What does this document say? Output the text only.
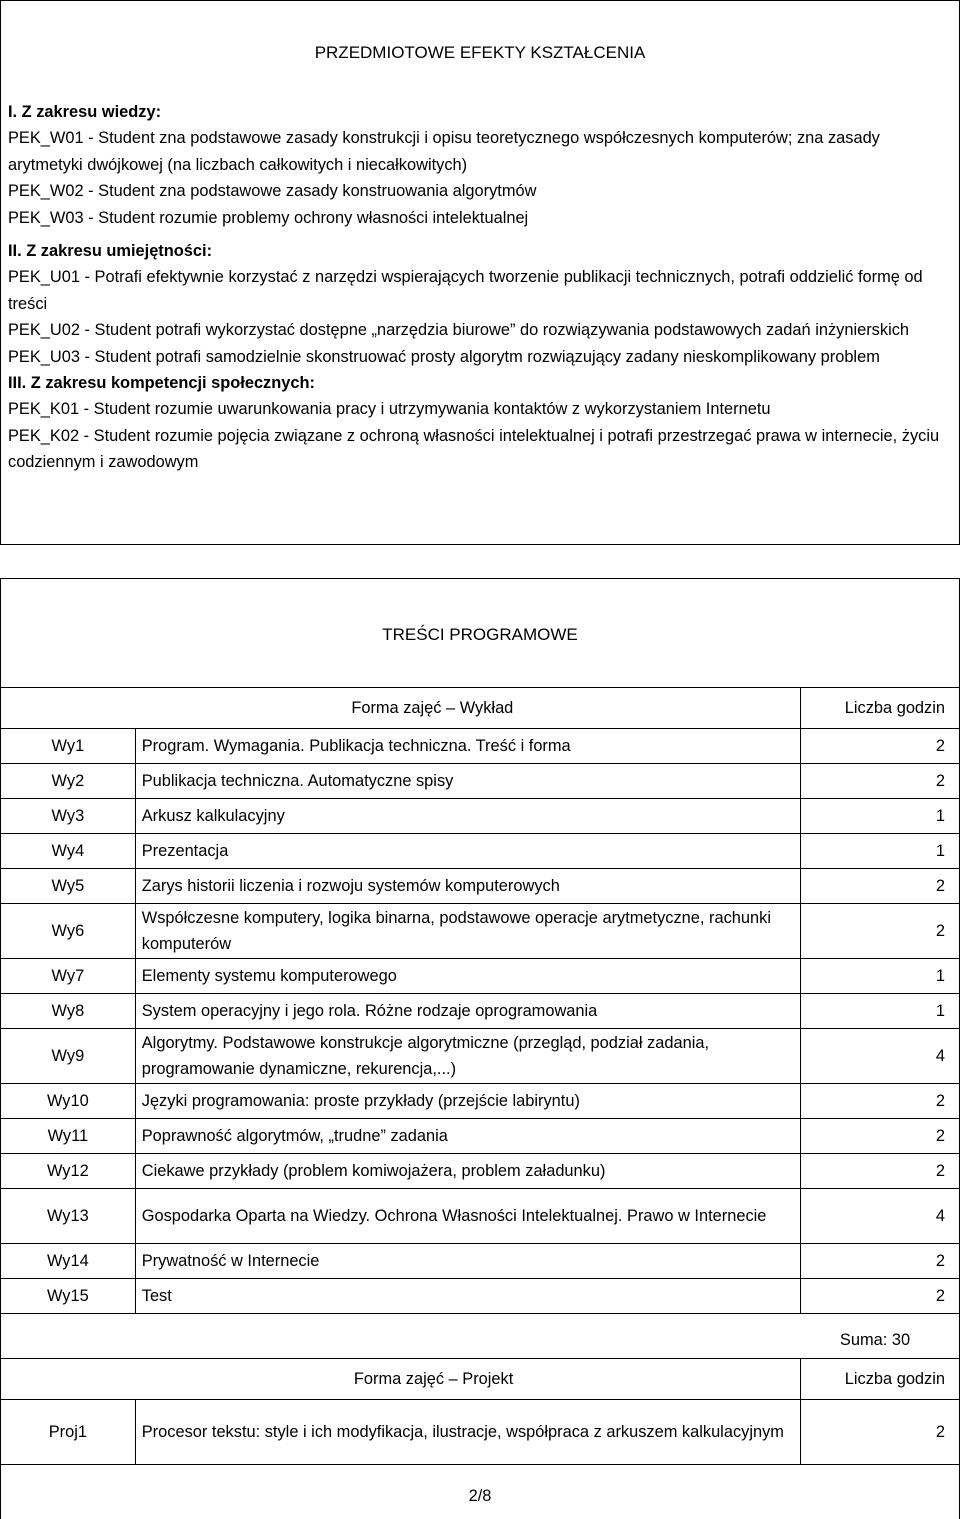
PRZEDMIOTOWE EFEKTY KSZTAŁCENIA

I. Z zakresu wiedzy:

PEK_W01 - Student zna podstawowe zasady konstrukcji i opisu teoretycznego współczesnych komputerów; zna zasady arytmetyki dwójkowej (na liczbach całkowitych i niecałkowitych)

PEK_W02 - Student zna podstawowe zasady konstruowania algorytmów

PEK_W03 - Student rozumie problemy ochrony własności intelektualnej

II. Z zakresu umiejętności:

PEK_U01 - Potrafi efektywnie korzystać z narzędzi wspierających tworzenie publikacji technicznych, potrafi oddzielić formę od treści

PEK_U02 - Student potrafi wykorzystać dostępne „narzędzia biurowe” do rozwiązywania podstawowych zadań inżynierskich

PEK_U03 - Student potrafi samodzielnie skonstruować prosty algorytm rozwiązujący zadany nieskomplikowany problem

III. Z zakresu kompetencji społecznych:

PEK_K01 - Student rozumie uwarunkowania pracy i utrzymywania kontaktów z wykorzystaniem Internetu

PEK_K02 - Student rozumie pojęcia związane z ochroną własności intelektualnej i potrafi przestrzegać prawa w internecie, życiu codziennym i zawodowym

TREŚCI PROGRAMOWE
Forma zajęć – Wykład		Liczba godzin
Wy1	Program. Wymagania. Publikacja techniczna. Treść i forma	2
Wy2	Publikacja techniczna. Automatyczne spisy	2
Wy3	Arkusz kalkulacyjny	1
Wy4	Prezentacja	1
Wy5	Zarys historii liczenia i rozwoju systemów komputerowych	2
Wy6	Współczesne komputery, logika binarna, podstawowe operacje arytmetyczne, rachunki komputerów	2
Wy7	Elementy systemu komputerowego	1
Wy8	System operacyjny i jego rola. Różne rodzaje oprogramowania	1
Wy9	Algorytmy. Podstawowe konstrukcje algorytmiczne (przegląd, podział zadania, programowanie dynamiczne, rekurencja,...)	4
Wy10	Języki programowania: proste przykłady (przejście labiryntu)	2
Wy11	Poprawność algorytmów, „trudne” zadania	2
Wy12	Ciekawe przykłady (problem komiwojażera, problem załadunku)	2
Wy13	Gospodarka Oparta na Wiedzy. Ochrona Własności Intelektualnej. Prawo w Internecie	4
Wy14	Prywatność w Internecie	2
Wy15	Test	2
Suma: 30
Forma zajęć – Projekt		Liczba godzin
Proj1	Procesor tekstu: style i ich modyfikacja, ilustracje, współpraca z arkuszem kalkulacyjnym	2
2/8
